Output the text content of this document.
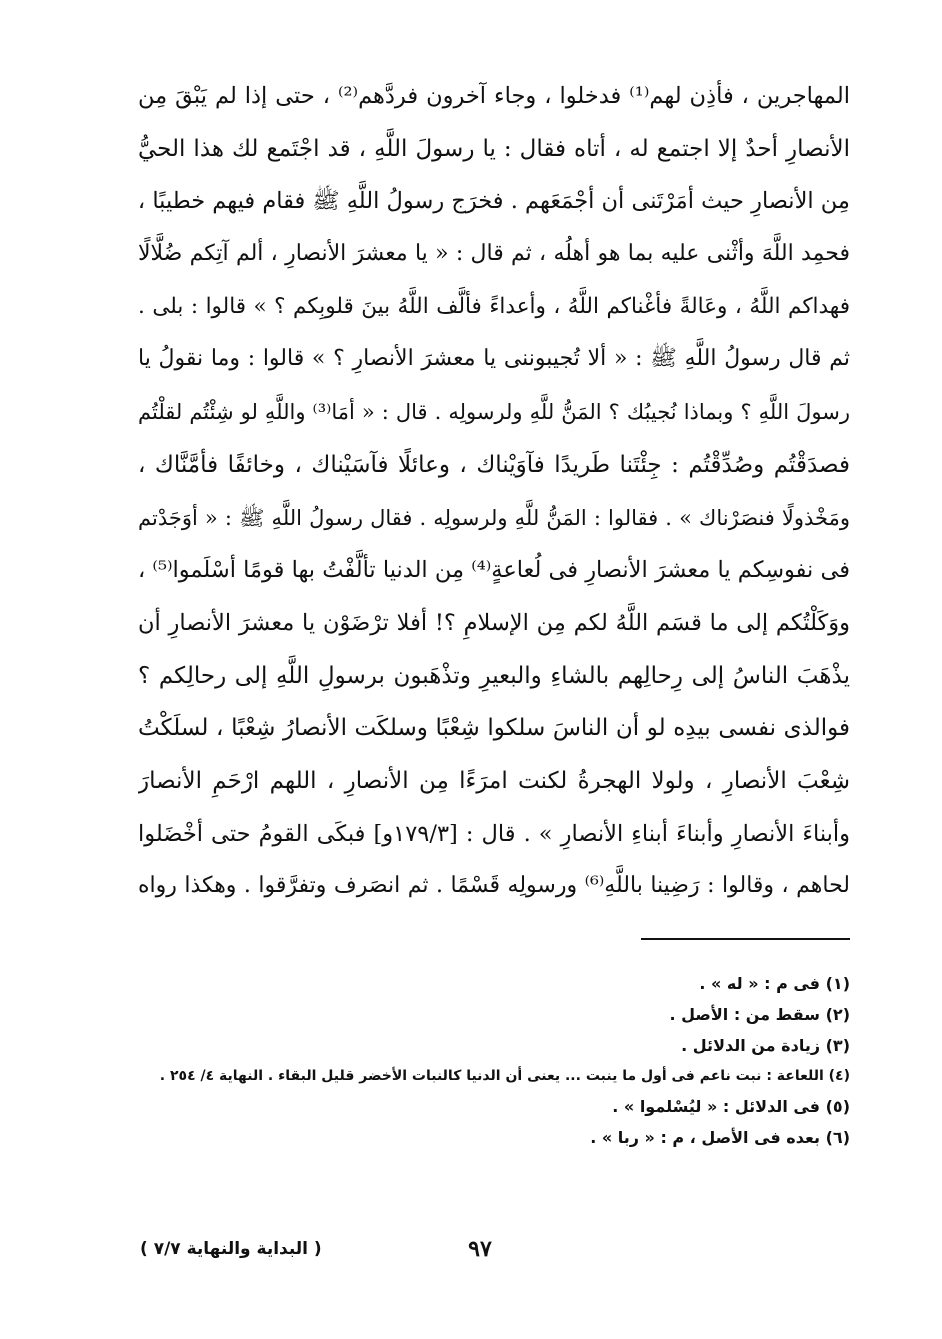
المهاجرين ، فأذِن لهم⁽¹⁾ فدخلوا ، وجاء آخرون فردَّهم⁽²⁾ ، حتى إذا لم يَبْقَ مِن
الأنصارِ أحدٌ إلا اجتمع له ، أتاه فقال : يا رسولَ اللَّهِ ، قد اجْتَمع لك هذا الحيُّ
مِن الأنصارِ حيث أمَرْتَنى أن أجْمَعَهم . فخرَج رسولُ اللَّهِ ﷺ فقام فيهم خطيبًا ،
فحمِد اللَّهَ وأثْنى عليه بما هو أهلُه ، ثم قال : « يا معشرَ الأنصارِ ، ألم آتِكم ضُلَّالًا
فهداكم اللَّهُ ، وعَالةً فأغْناكم اللَّهُ ، وأعداءً فألَّف اللَّهُ بينَ قلوبِكم ؟ » قالوا : بلى .
ثم قال رسولُ اللَّهِ ﷺ : « ألا تُجيبوننى يا معشرَ الأنصارِ ؟ » قالوا : وما نقولُ يا
رسولَ اللَّهِ ؟ وبماذا نُجيبُك ؟ المَنُّ للَّهِ ولرسولِه . قال : « أمَا⁽³⁾ واللَّهِ لو شِئْتُم لقلْتُم
فصدَقْتُم وصُدِّقْتُم : جِئْتَنا طَريدًا فآوَيْناك ، وعائلًا فآسَيْناك ، وخائفًا فأمَّنَّاك ،
ومَخْذولًا فنصَرْناك » . فقالوا : المَنُّ للَّهِ ولرسولِه . فقال رسولُ اللَّهِ ﷺ : « أوَجَدْتم
فى نفوسِكم يا معشرَ الأنصارِ فى لُعاعةٍ⁽⁴⁾ مِن الدنيا تألَّفْتُ بها قومًا أسْلَموا⁽⁵⁾ ،
ووَكَلْتُكم إلى ما قسَم اللَّهُ لكم مِن الإسلامِ ؟! أفلا ترْضَوْن يا معشرَ الأنصارِ أن
يذْهَبَ الناسُ إلى رِحالِهم بالشاءِ والبعيرِ وتذْهَبون برسولِ اللَّهِ إلى رحالِكم ؟
فوالذى نفسى بيدِه لو أن الناسَ سلكوا شِعْبًا وسلكَت الأنصارُ شِعْبًا ، لسلَكْتُ
شِعْبَ الأنصارِ ، ولولا الهجرةُ لكنت امرَءًا مِن الأنصارِ ، اللهم ارْحَمِ الأنصارَ
وأبناءَ الأنصارِ وأبناءَ أبناءِ الأنصارِ » . قال : [١٧٩/٣و] فبكَى القومُ حتى أخْضَلوا
لحاهم ، وقالوا : رَضِينا باللَّهِ⁽⁶⁾ ورسولِه قَسْمًا . ثم انصَرف وتفرَّقوا . وهكذا رواه
(١) فى م : « له » .
(٢) سقط من : الأصل .
(٣) زيادة من الدلائل .
(٤) اللعاعة : نبت ناعم فى أول ما ينبت ... يعنى أن الدنيا كالنبات الأخضر قليل البقاء . النهاية ٤/ ٢٥٤ .
(٥) فى الدلائل : « ليُسْلموا » .
(٦) بعده فى الأصل ، م : « ربا » .
٩٧
( البداية والنهاية ٧/٧ )
